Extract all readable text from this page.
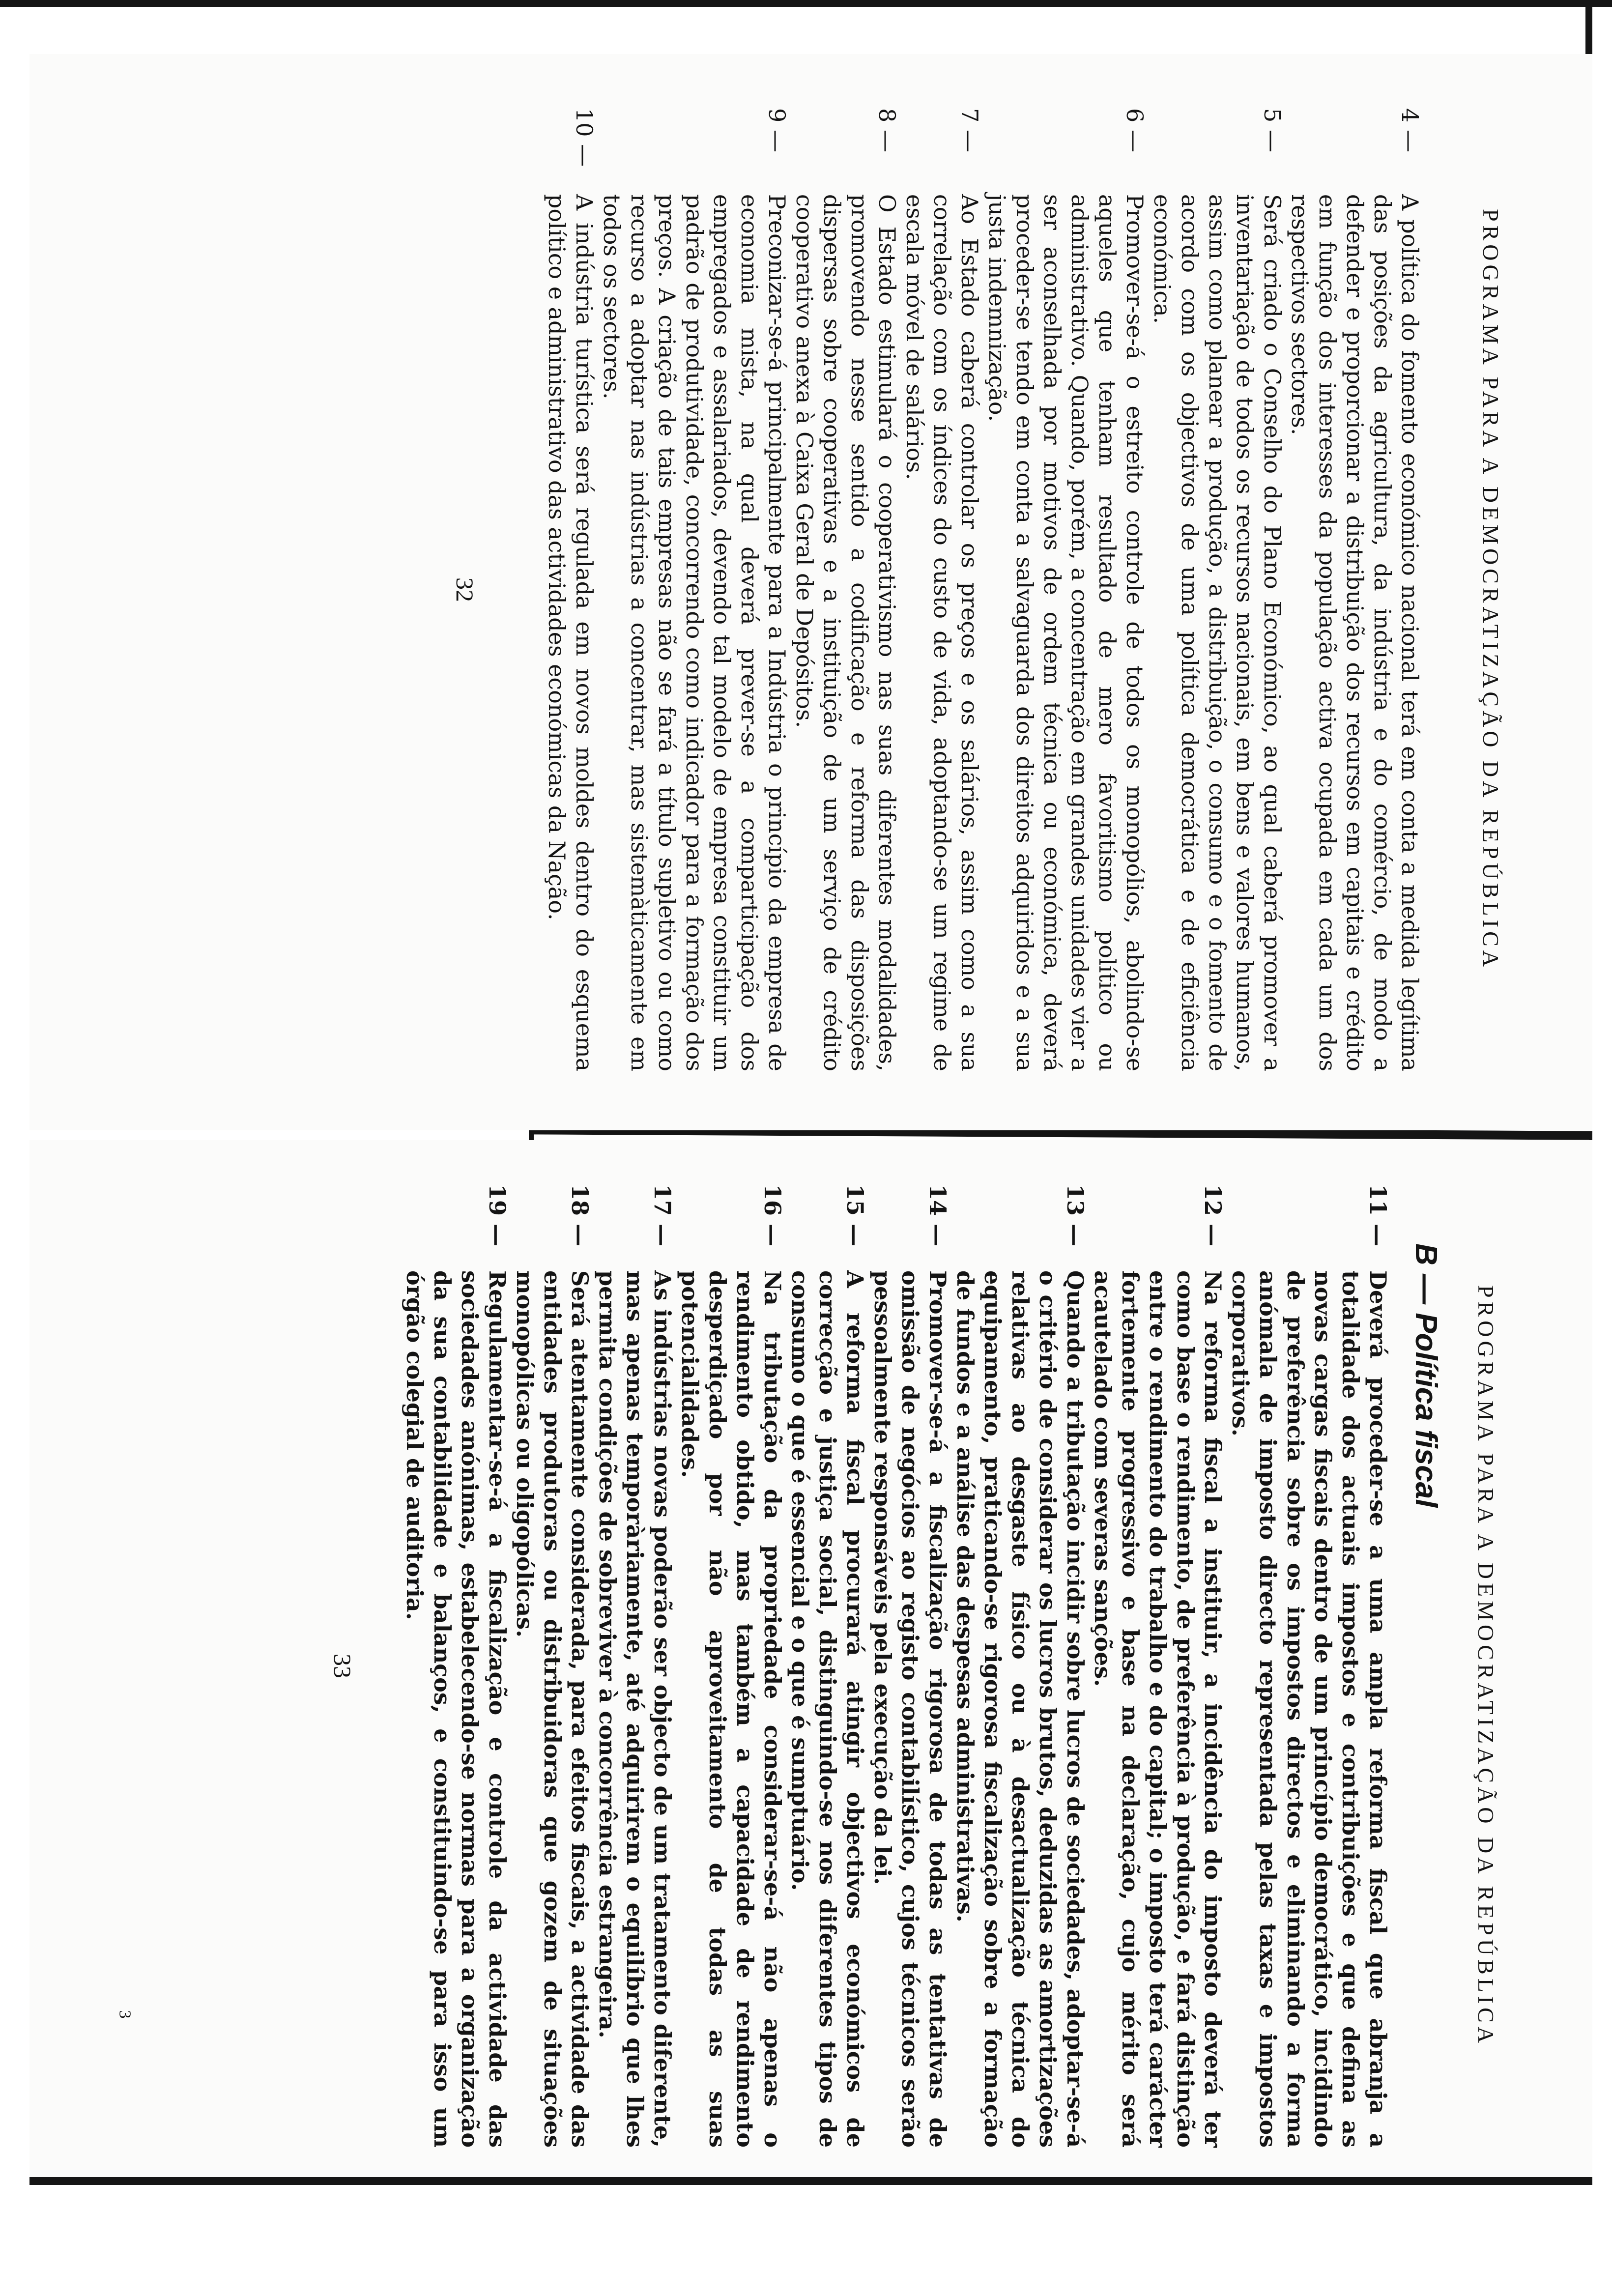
PROGRAMA PARA A DEMOCRATIZAÇÃO DA REPÚBLICA
4 —
A política do fomento económico nacional terá em conta a medida legítima das posições da agricultura, da indústria e do comércio, de modo a defender e proporcionar a distribuição dos recursos em capitais e crédito em função dos interesses da população activa ocupada em cada um dos respectivos sectores.
5 —
Será criado o Conselho do Plano Económico, ao qual caberá promover a inventariação de todos os recursos nacionais, em bens e valores humanos, assim como planear a produção, a distribuição, o consumo e o fomento de acordo com os objectivos de uma política democrática e de eficiência económica.
6 —
Promover-se-á o estreito controle de todos os monopólios, abolindo-se aqueles que tenham resultado de mero favoritismo político ou administrativo. Quando, porém, a concentração em grandes unidades vier a ser aconselhada por motivos de ordem técnica ou económica, deverá proceder-se tendo em conta a salvaguarda dos direitos adquiridos e a sua justa indemnização.
7 —
Ao Estado caberá controlar os preços e os salários, assim como a sua correlação com os índices do custo de vida, adoptando-se um regime de escala móvel de salários.
8 —
O Estado estimulará o cooperativismo nas suas diferentes modalidades, promovendo nesse sentido a codificação e reforma das disposições dispersas sobre cooperativas e a instituição de um serviço de crédito cooperativo anexa à Caixa Geral de Depósitos.
9 —
Preconizar-se-á principalmente para a Indústria o princípio da empresa de economia mista, na qual deverá prever-se a comparticipação dos empregados e assalariados, devendo tal modelo de empresa constituir um padrão de produtividade, concorrendo como indicador para a formação dos preços. A criação de tais empresas não se fará a título supletivo ou como recurso a adoptar nas indústrias a concentrar, mas sistemàticamente em todos os sectores.
10 —
A indústria turística será regulada em novos moldes dentro do esquema político e administrativo das actividades económicas da Nação.
32
PROGRAMA PARA A DEMOCRATIZAÇÃO DA REPÚBLICA
B — Política fiscal
11 —
Deverá proceder-se a uma ampla reforma fiscal que abranja a totalidade dos actuais impostos e contribuições e que defina as novas cargas fiscais dentro de um princípio democrático, incidindo de preferência sobre os impostos directos e eliminando a forma anómala de imposto directo representada pelas taxas e impostos corporativos.
12 —
Na reforma fiscal a instituir, a incidência do imposto deverá ter como base o rendimento, de preferência à produção, e fará distinção entre o rendimento do trabalho e do capital; o imposto terá carácter fortemente progressivo e base na declaração, cujo mérito será acautelado com severas sanções.
13 —
Quando a tributação incidir sobre lucros de sociedades, adoptar-se-á o critério de considerar os lucros brutos, deduzidas as amortizações relativas ao desgaste físico ou à desactualização técnica do equipamento, praticando-se rigorosa fiscalização sobre a formação de fundos e a análise das despesas administrativas.
14 —
Promover-se-á a fiscalização rigorosa de todas as tentativas de omissão de negócios ao registo contabilístico, cujos técnicos serão pessoalmente responsáveis pela execução da lei.
15 —
A reforma fiscal procurará atingir objectivos económicos de correcção e justiça social, distinguindo-se nos diferentes tipos de consumo o que é essencial e o que é sumptuário.
16 —
Na tributação da propriedade considerar-se-á não apenas o rendimento obtido, mas também a capacidade de rendimento desperdiçado por não aproveitamento de todas as suas potencialidades.
17 —
As indústrias novas poderão ser objecto de um tratamento diferente, mas apenas temporàriamente, até adquirirem o equilíbrio que lhes permita condições de sobreviver à concorrência estrangeira.
18 —
Será atentamente considerada, para efeitos fiscais, a actividade das entidades produtoras ou distribuidoras que gozem de situações monopólicas ou oligopólicas.
19 —
Regulamentar-se-á a fiscalização e controle da actividade das sociedades anónimas, estabelecendo-se normas para a organização da sua contabilidade e balanços, e constituindo-se para isso um órgão colegial de auditoria.
33
3
